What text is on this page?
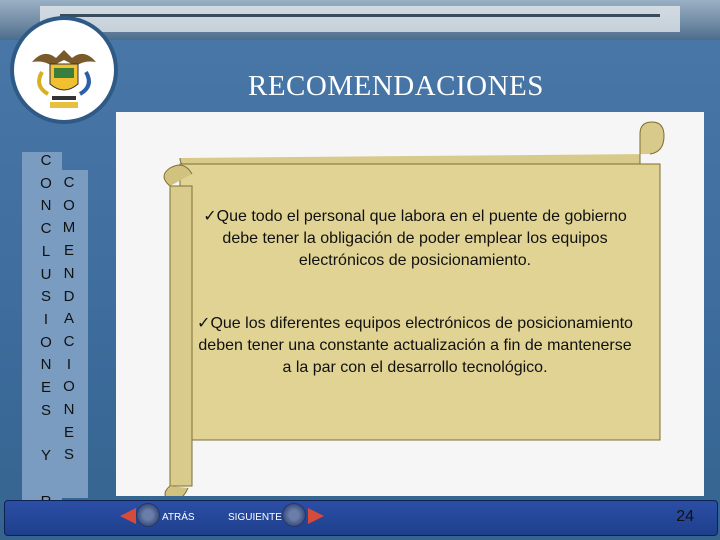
RECOMENDACIONES
C
O
N
C
L
U
S
I
O
N
E
S

Y

C
O
M
E
N
D
A
C
I
O
N
E
S
✓Que todo el personal que labora en el puente de gobierno debe tener la obligación de poder emplear los equipos electrónicos de posicionamiento.
✓Que los diferentes equipos electrónicos de posicionamiento deben tener una constante actualización a fin de mantenerse a la par con el desarrollo tecnológico.
ATRÁS	SIGUIENTE	24
